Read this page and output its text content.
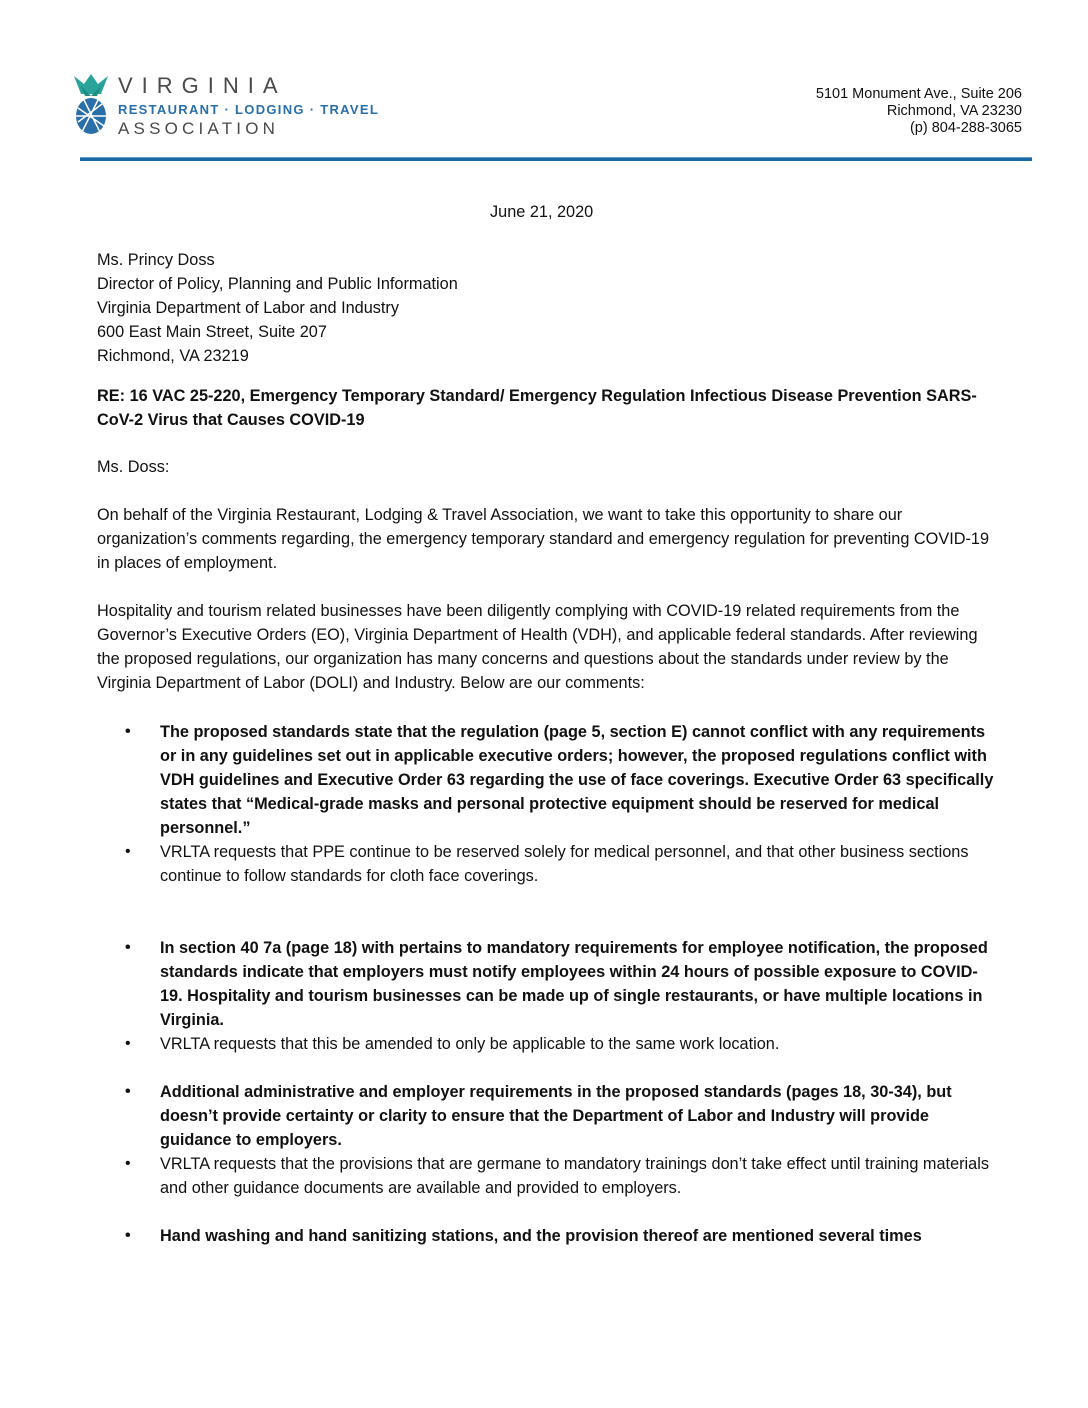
VIRGINIA
RESTAURANT · LODGING · TRAVEL
ASSOCIATION
5101 Monument Ave., Suite 206
Richmond, VA 23230
(p) 804-288-3065
June 21, 2020
Ms. Princy Doss
Director of Policy, Planning and Public Information
Virginia Department of Labor and Industry
600 East Main Street, Suite 207
Richmond, VA 23219
RE: 16 VAC 25-220, Emergency Temporary Standard/ Emergency Regulation Infectious Disease Prevention SARS-CoV-2 Virus that Causes COVID-19
Ms. Doss:
On behalf of the Virginia Restaurant, Lodging & Travel Association, we want to take this opportunity to share our organization’s comments regarding, the emergency temporary standard and emergency regulation for preventing COVID-19 in places of employment.
Hospitality and tourism related businesses have been diligently complying with COVID-19 related requirements from the Governor’s Executive Orders (EO), Virginia Department of Health (VDH), and applicable federal standards. After reviewing the proposed regulations, our organization has many concerns and questions about the standards under review by the Virginia Department of Labor (DOLI) and Industry. Below are our comments:
• The proposed standards state that the regulation (page 5, section E) cannot conflict with any requirements or in any guidelines set out in applicable executive orders; however, the proposed regulations conflict with VDH guidelines and Executive Order 63 regarding the use of face coverings. Executive Order 63 specifically states that “Medical-grade masks and personal protective equipment should be reserved for medical personnel.”
• VRLTA requests that PPE continue to be reserved solely for medical personnel, and that other business sections continue to follow standards for cloth face coverings.
• In section 40 7a (page 18) with pertains to mandatory requirements for employee notification, the proposed standards indicate that employers must notify employees within 24 hours of possible exposure to COVID-19. Hospitality and tourism businesses can be made up of single restaurants, or have multiple locations in Virginia.
• VRLTA requests that this be amended to only be applicable to the same work location.
• Additional administrative and employer requirements in the proposed standards (pages 18, 30-34), but doesn’t provide certainty or clarity to ensure that the Department of Labor and Industry will provide guidance to employers.
• VRLTA requests that the provisions that are germane to mandatory trainings don’t take effect until training materials and other guidance documents are available and provided to employers.
• Hand washing and hand sanitizing stations, and the provision thereof are mentioned several times
